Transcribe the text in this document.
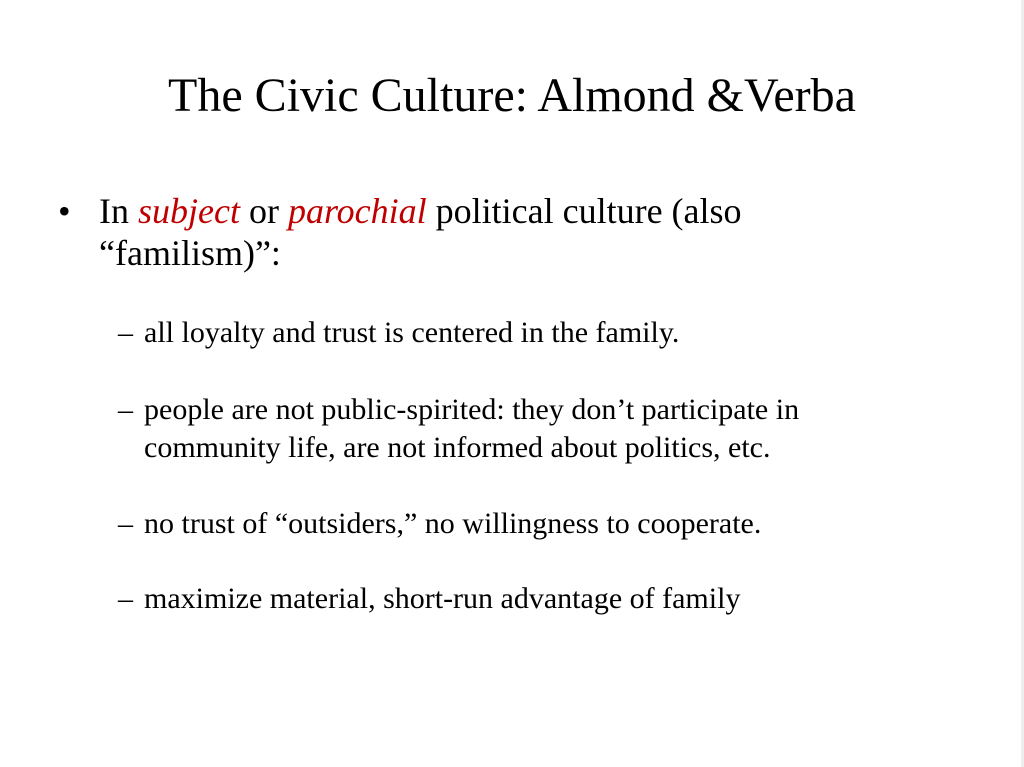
The Civic Culture: Almond &Verba
• In subject or parochial political culture (also “familism)”:
– all loyalty and trust is centered in the family.
– people are not public-spirited: they don’t participate in community life, are not informed about politics, etc.
– no trust of “outsiders,” no willingness to cooperate.
– maximize material, short-run advantage of family
